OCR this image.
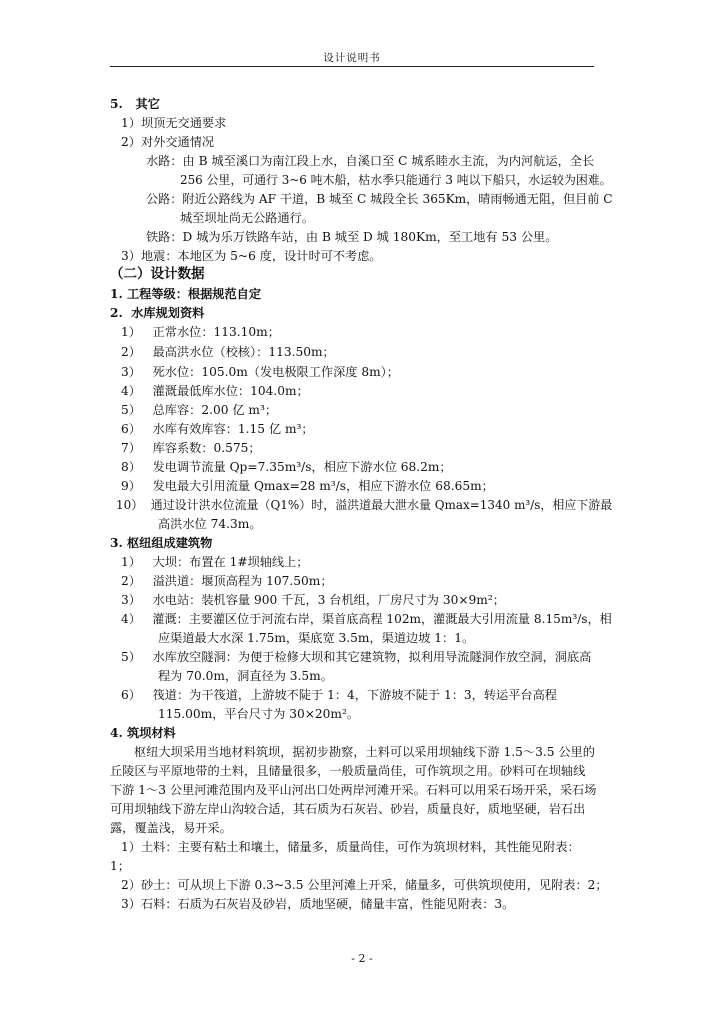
设计说明书
5.   其它
1）坝顶无交通要求
2）对外交通情况
水路：由 B 城至溪口为南江段上水，自溪口至 C 城系睦水主流，为内河航运，全长
256 公里，可通行 3~6 吨木船，枯水季只能通行 3 吨以下船只，水运较为困难。
公路：附近公路线为 AF 干道，B 城至 C 城段全长 365Km，晴雨畅通无阻，但目前 C
城至坝址尚无公路通行。
铁路：D 城为乐万铁路车站，由 B 城至 D 城 180Km，至工地有 53 公里。
3）地震：本地区为 5~6 度，设计时可不考虑。
（二）设计数据
1. 工程等级：根据规范自定
2.  水库规划资料
1）   正常水位：113.10m；
2）   最高洪水位（校核）：113.50m；
3）   死水位：105.0m（发电极限工作深度 8m）；
4）   灌溉最低库水位：104.0m；
5）   总库容：2.00 亿 m³；
6）   水库有效库容：1.15 亿 m³；
7）   库容系数：0.575；
8）   发电调节流量 Qp=7.35m³/s，相应下游水位 68.2m；
9）   发电最大引用流量 Qmax=28 m³/s，相应下游水位 68.65m；
10）  通过设计洪水位流量（Q1%）时，溢洪道最大泄水量 Qmax=1340 m³/s，相应下游最
高洪水位 74.3m。
3. 枢纽组成建筑物
1）   大坝：布置在 1#坝轴线上；
2）   溢洪道：堰顶高程为 107.50m；
3）   水电站：装机容量 900 千瓦，3 台机组，厂房尺寸为 30×9m²；
4）   灌溉：主要灌区位于河流右岸，渠首底高程 102m，灌溉最大引用流量 8.15m³/s，相
应渠道最大水深 1.75m，渠底宽 3.5m，渠道边坡 1：1。
5）   水库放空隧洞：为便于检修大坝和其它建筑物，拟利用导流隧洞作放空洞，洞底高
程为 70.0m，洞直径为 3.5m。
6）   筏道：为干筏道，上游坡不陡于 1：4，下游坡不陡于 1：3，转运平台高程
115.00m，平台尺寸为 30×20m²。
4. 筑坝材料
枢纽大坝采用当地材料筑坝，据初步勘察，土料可以采用坝轴线下游 1.5～3.5 公里的
丘陵区与平原地带的土料，且储量很多，一般质量尚佳，可作筑坝之用。砂料可在坝轴线
下游 1～3 公里河滩范围内及平山河出口处两岸河滩开采。石料可以用采石场开采，采石场
可用坝轴线下游左岸山沟较合适，其石质为石灰岩、砂岩，质量良好，质地坚硬，岩石出
露，覆盖浅，易开采。
1）土料：主要有粘土和壤土，储量多，质量尚佳，可作为筑坝材料，其性能见附表：
1；
2）砂土：可从坝上下游 0.3~3.5 公里河滩上开采，储量多，可供筑坝使用，见附表：2；
3）石料：石质为石灰岩及砂岩，质地坚硬，储量丰富，性能见附表：3。
- 2 -
